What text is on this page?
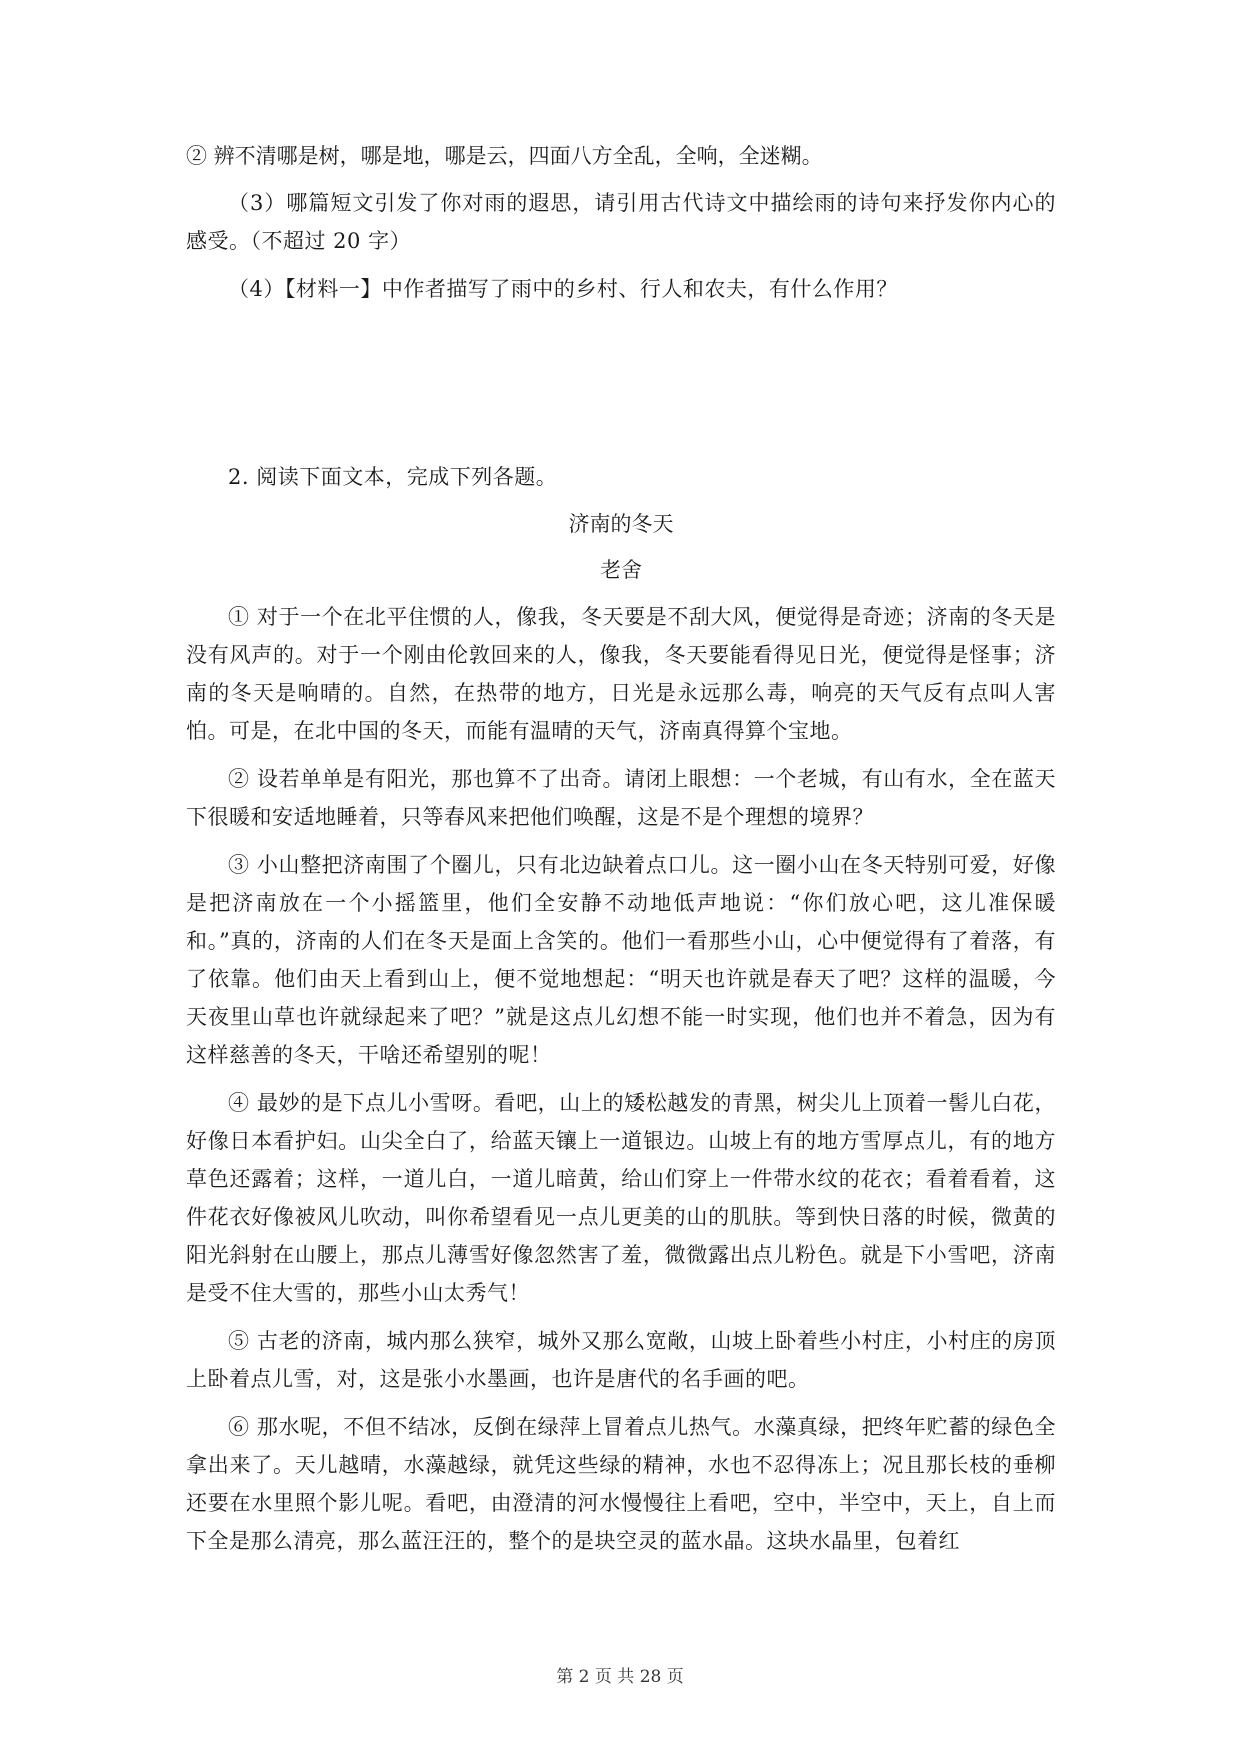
② 辨不清哪是树，哪是地，哪是云，四面八方全乱，全响，全迷糊。

（3）哪篇短文引发了你对雨的遐思，请引用古代诗文中描绘雨的诗句来抒发你内心的感受。（不超过 20 字）

（4）【材料一】中作者描写了雨中的乡村、行人和农夫，有什么作用？

2. 阅读下面文本，完成下列各题。

济南的冬天

老舍

① 对于一个在北平住惯的人，像我，冬天要是不刮大风，便觉得是奇迹；济南的冬天是没有风声的。对于一个刚由伦敦回来的人，像我，冬天要能看得见日光，便觉得是怪事；济南的冬天是响晴的。自然，在热带的地方，日光是永远那么毒，响亮的天气反有点叫人害怕。可是，在北中国的冬天，而能有温晴的天气，济南真得算个宝地。

② 设若单单是有阳光，那也算不了出奇。请闭上眼想：一个老城，有山有水，全在蓝天下很暖和安适地睡着，只等春风来把他们唤醒，这是不是个理想的境界？

③ 小山整把济南围了个圈儿，只有北边缺着点口儿。这一圈小山在冬天特别可爱，好像是把济南放在一个小摇篮里，他们全安静不动地低声地说：“你们放心吧，这儿准保暖和。”真的，济南的人们在冬天是面上含笑的。他们一看那些小山，心中便觉得有了着落，有了依靠。他们由天上看到山上，便不觉地想起：“明天也许就是春天了吧？这样的温暖，今天夜里山草也许就绿起来了吧？”就是这点儿幻想不能一时实现，他们也并不着急，因为有这样慈善的冬天，干啥还希望别的呢！

④ 最妙的是下点儿小雪呀。看吧，山上的矮松越发的青黑，树尖儿上顶着一髻儿白花，好像日本看护妇。山尖全白了，给蓝天镶上一道银边。山坡上有的地方雪厚点儿，有的地方草色还露着；这样，一道儿白，一道儿暗黄，给山们穿上一件带水纹的花衣；看着看着，这件花衣好像被风儿吹动，叫你希望看见一点儿更美的山的肌肤。等到快日落的时候，微黄的阳光斜射在山腰上，那点儿薄雪好像忽然害了羞，微微露出点儿粉色。就是下小雪吧，济南是受不住大雪的，那些小山太秀气！

⑤ 古老的济南，城内那么狭窄，城外又那么宽敞，山坡上卧着些小村庄，小村庄的房顶上卧着点儿雪，对，这是张小水墨画，也许是唐代的名手画的吧。

⑥ 那水呢，不但不结冰，反倒在绿萍上冒着点儿热气。水藻真绿，把终年贮蓄的绿色全拿出来了。天儿越晴，水藻越绿，就凭这些绿的精神，水也不忍得冻上；况且那长枝的垂柳还要在水里照个影儿呢。看吧，由澄清的河水慢慢往上看吧，空中，半空中，天上，自上而下全是那么清亮，那么蓝汪汪的，整个的是块空灵的蓝水晶。这块水晶里，包着红

第 2 页 共 28 页
